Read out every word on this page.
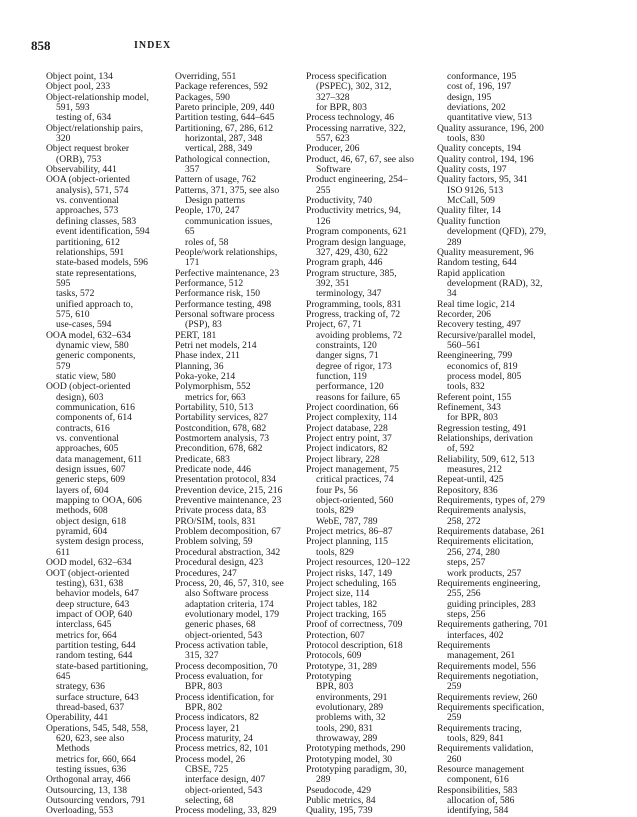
858	INDEX

Object point, 134

Object pool, 233

Object-relationship model,

591, 593

testing of, 634

Object/relationship pairs,

320

Object request broker

(ORB), 753

Observability, 441

OOA (object-oriented

analysis), 571, 574

vs. conventional

approaches, 573

defining classes, 583

event identification, 594

partitioning, 612

relationships, 591

state-based models, 596

state representations,

595

tasks, 572

unified approach to,

575, 610

use-cases, 594

OOA model, 632–634

dynamic view, 580

generic components,

579

static view, 580

OOD (object-oriented

design), 603

communication, 616

components of, 614

contracts, 616

vs. conventional

approaches, 605

data management, 611

design issues, 607

generic steps, 609

layers of, 604

mapping to OOA, 606

methods, 608

object design, 618

pyramid, 604

system design process,

611

OOD model, 632–634

OOT (object-oriented

testing), 631, 638

behavior models, 647

deep structure, 643

impact of OOP, 640

interclass, 645

metrics for, 664

partition testing, 644

random testing, 644

state-based partitioning,

645

strategy, 636

surface structure, 643

thread-based, 637

Operability, 441

Operations, 545, 548, 558,

620, 623, see also

Methods

metrics for, 660, 664

testing issues, 636

Orthogonal array, 466

Outsourcing, 13, 138

Outsourcing vendors, 791

Overloading, 553

Overriding, 551

Package references, 592

Packages, 590

Pareto principle, 209, 440

Partition testing, 644–645

Partitioning, 67, 286, 612

horizontal, 287, 348

vertical, 288, 349

Pathological connection,

357

Pattern of usage, 762

Patterns, 371, 375, see also

Design patterns

People, 170, 247

communication issues,

65

roles of, 58

People/work relationships,

171

Perfective maintenance, 23

Performance, 512

Performance risk, 150

Performance testing, 498

Personal software process

(PSP), 83

PERT, 181

Petri net models, 214

Phase index, 211

Planning, 36

Poka-yoke, 214

Polymorphism, 552

metrics for, 663

Portability, 510, 513

Portability services, 827

Postcondition, 678, 682

Postmortem analysis, 73

Precondition, 678, 682

Predicate, 683

Predicate node, 446

Presentation protocol, 834

Prevention device, 215, 216

Preventive maintenance, 23

Private process data, 83

PRO/SIM, tools, 831

Problem decomposition, 67

Problem solving, 59

Procedural abstraction, 342

Procedural design, 423

Procedures, 247

Process, 20, 46, 57, 310, see

also Software process

adaptation criteria, 174

evolutionary model, 179

generic phases, 68

object-oriented, 543

Process activation table,

315, 327

Process decomposition, 70

Process evaluation, for

BPR, 803

Process identification, for

BPR, 802

Process indicators, 82

Process layer, 21

Process maturity, 24

Process metrics, 82, 101

Process model, 26

CBSE, 725

interface design, 407

object-oriented, 543

selecting, 68

Process modeling, 33, 829

Process specification

(PSPEC), 302, 312,

327–328

for BPR, 803

Process technology, 46

Processing narrative, 322,

557, 623

Producer, 206

Product, 46, 67, 67, see also

Software

Product engineering, 254–

255

Productivity, 740

Productivity metrics, 94,

126

Program components, 621

Program design language,

327, 429, 430, 622

Program graph, 446

Program structure, 385,

392, 351

terminology, 347

Programming, tools, 831

Progress, tracking of, 72

Project, 67, 71

avoiding problems, 72

constraints, 120

danger signs, 71

degree of rigor, 173

function, 119

performance, 120

reasons for failure, 65

Project coordination, 66

Project complexity, 114

Project database, 228

Project entry point, 37

Project indicators, 82

Project library, 228

Project management, 75

critical practices, 74

four Ps, 56

object-oriented, 560

tools, 829

WebE, 787, 789

Project metrics, 86–87

Project planning, 115

tools, 829

Project resources, 120–122

Project risks, 147, 149

Project scheduling, 165

Project size, 114

Project tables, 182

Project tracking, 165

Proof of correctness, 709

Protection, 607

Protocol description, 618

Protocols, 609

Prototype, 31, 289

Prototyping

BPR, 803

environments, 291

evolutionary, 289

problems with, 32

tools, 290, 831

throwaway, 289

Prototyping methods, 290

Prototyping model, 30

Prototyping paradigm, 30,

289

Pseudocode, 429

Public metrics, 84

Quality, 195, 739

conformance, 195

cost of, 196, 197

design, 195

deviations, 202

quantitative view, 513

Quality assurance, 196, 200

tools, 830

Quality concepts, 194

Quality control, 194, 196

Quality costs, 197

Quality factors, 95, 341

ISO 9126, 513

McCall, 509

Quality filter, 14

Quality function

development (QFD), 279,

289

Quality measurement, 96

Random testing, 644

Rapid application

development (RAD), 32,

34

Real time logic, 214

Recorder, 206

Recovery testing, 497

Recursive/parallel model,

560–561

Reengineering, 799

economics of, 819

process model, 805

tools, 832

Referent point, 155

Refinement, 343

for BPR, 803

Regression testing, 491

Relationships, derivation

of, 592

Reliability, 509, 612, 513

measures, 212

Repeat-until, 425

Repository, 836

Requirements, types of, 279

Requirements analysis,

258, 272

Requirements database, 261

Requirements elicitation,

256, 274, 280

steps, 257

work products, 257

Requirements engineering,

255, 256

guiding principles, 283

steps, 256

Requirements gathering, 701

interfaces, 402

Requirements

management, 261

Requirements model, 556

Requirements negotiation,

259

Requirements review, 260

Requirements specification,

259

Requirements tracing,

tools, 829, 841

Requirements validation,

260

Resource management

component, 616

Responsibilities, 583

allocation of, 586

identifying, 584
